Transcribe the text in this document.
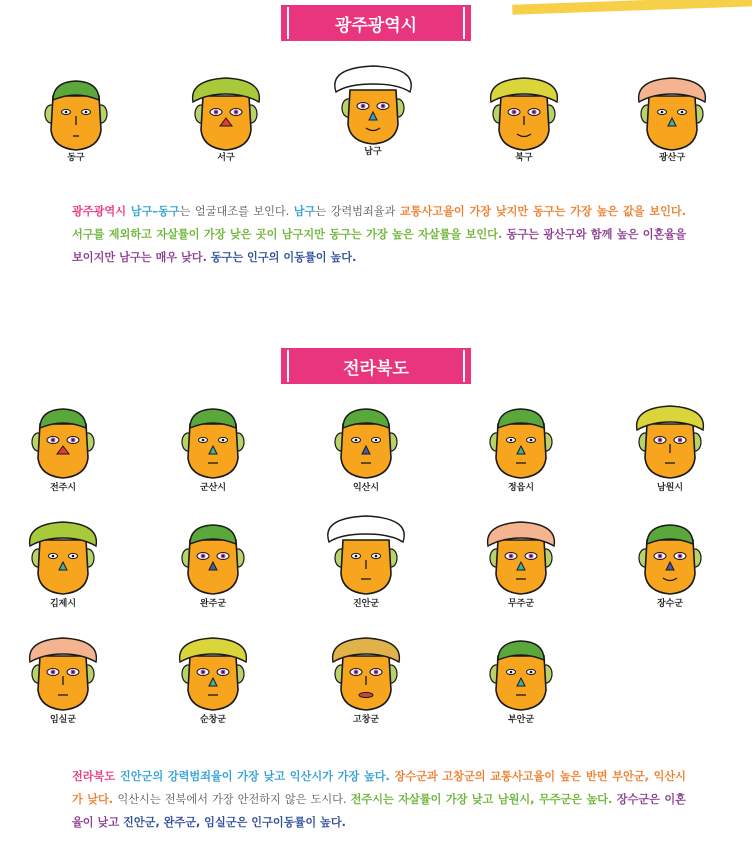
광주광역시
동구	서구
남구
북구	광산구
광주광역시 남구–동구는 얼굴대조를 보인다. 남구는 강력범죄율과 교통사고율이 가장 낮지만 동구는 가장 높은 값을 보인다. 서구를 제외하고 자살률이 가장 낮은 곳이 남구지만 동구는 가장 높은 자살률을 보인다. 동구는 광산구와 함께 높은 이혼율을 보이지만 남구는 매우 낮다. 동구는 인구의 이동률이 높다.
전라북도
전주시	군산시	익산시	정읍시	남원시
김제시	완주군	진안군	무주군	장수군
임실군	순창군	고창군	부안군
전라북도 진안군의 강력범죄율이 가장 낮고 익산시가 가장 높다. 장수군과 고창군의 교통사고율이 높은 반면 부안군, 익산시가 낮다. 익산시는 전북에서 가장 안전하지 않은 도시다. 전주시는 자살률이 가장 낮고 남원시, 무주군은 높다. 장수군은 이혼율이 낮고 진안군, 완주군, 임실군은 인구이동률이 높다.
